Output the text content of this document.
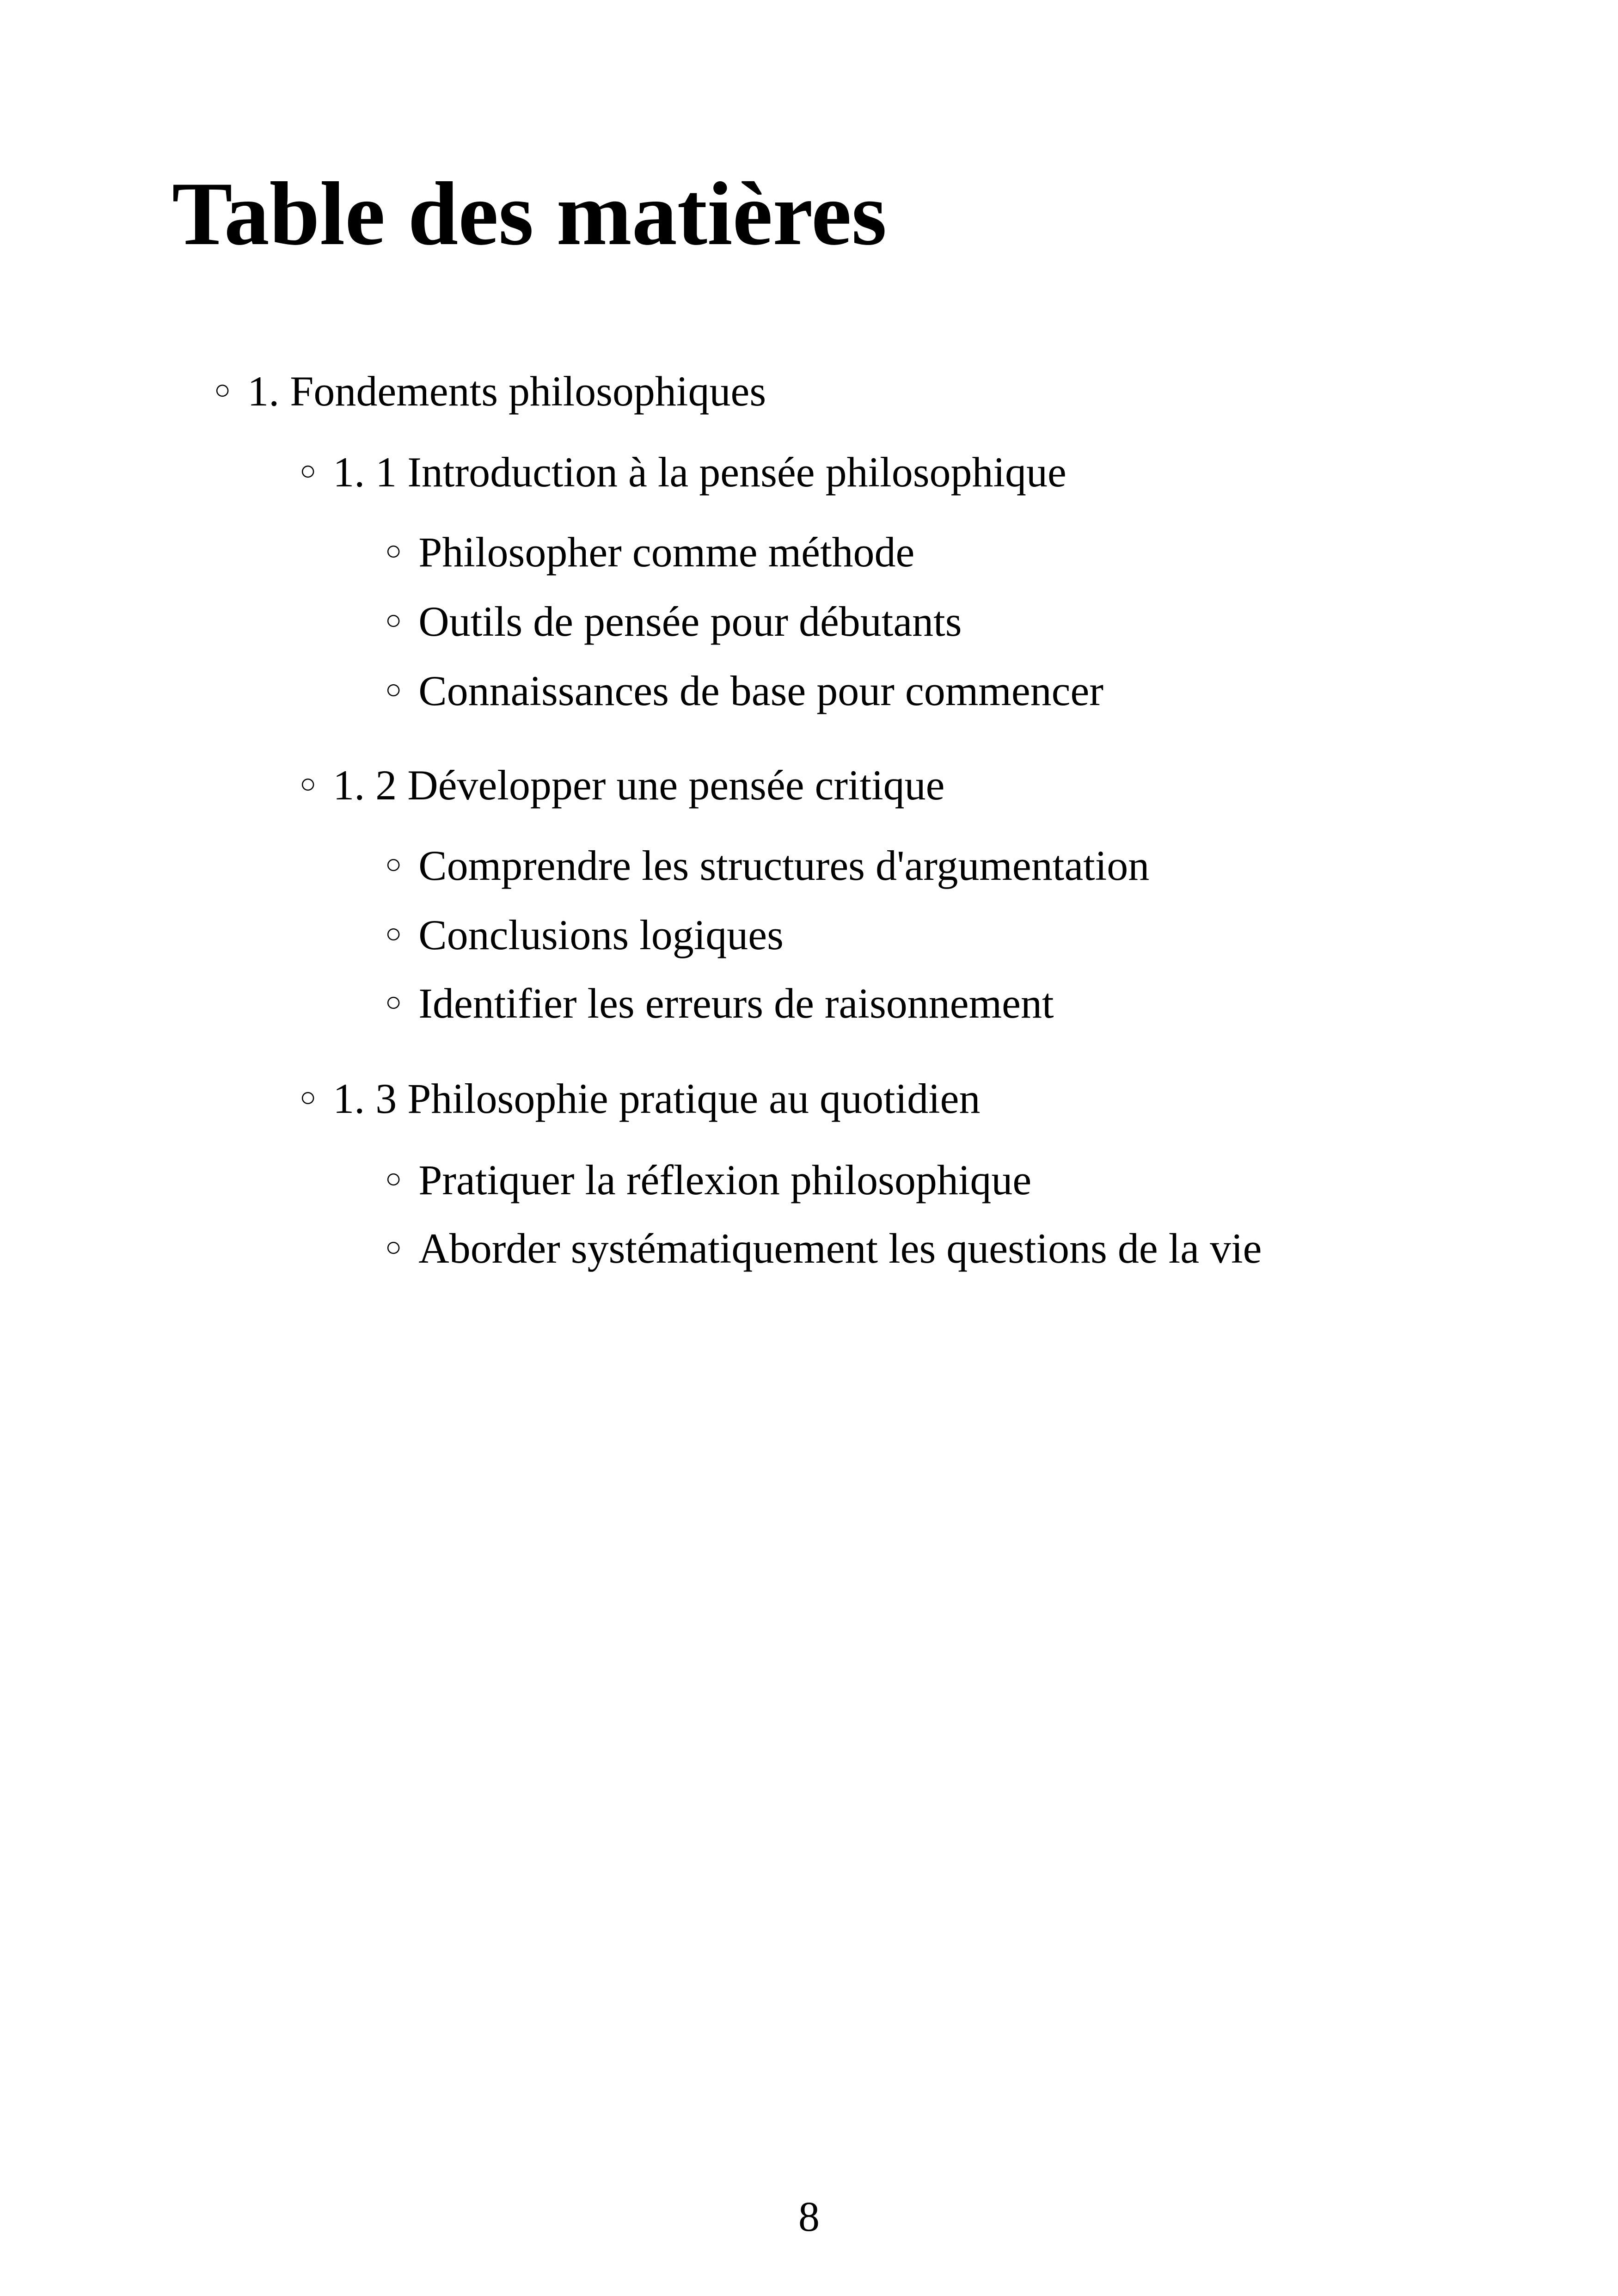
Table des matières
○ 1. Fondements philosophiques
○ 1. 1 Introduction à la pensée philosophique
○ Philosopher comme méthode
○ Outils de pensée pour débutants
○ Connaissances de base pour commencer
○ 1. 2 Développer une pensée critique
○ Comprendre les structures d'argumentation
○ Conclusions logiques
○ Identifier les erreurs de raisonnement
○ 1. 3 Philosophie pratique au quotidien
○ Pratiquer la réflexion philosophique
○ Aborder systématiquement les questions de la vie
8
